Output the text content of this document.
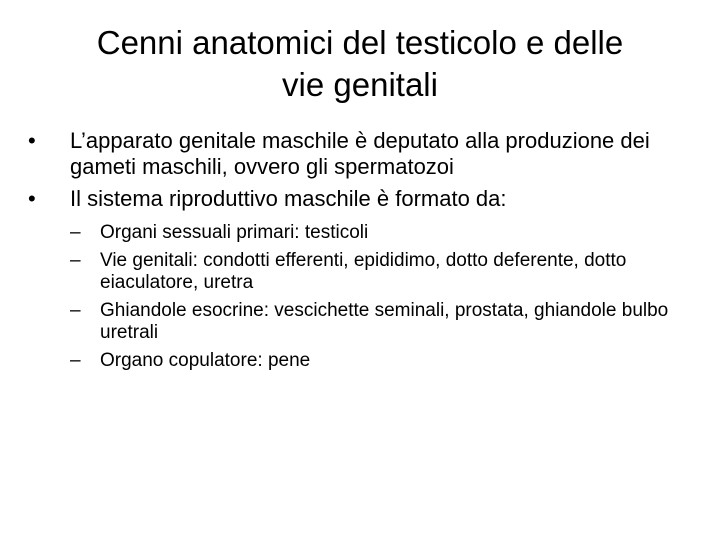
Cenni anatomici del testicolo e delle
vie genitali
•	L’apparato genitale maschile è deputato alla produzione dei gameti maschili, ovvero gli spermatozoi
•	Il sistema riproduttivo maschile è formato da:
–	Organi sessuali primari: testicoli
–	Vie genitali: condotti efferenti, epididimo, dotto deferente, dotto eiaculatore, uretra
–	Ghiandole esocrine: vescichette seminali, prostata, ghiandole bulbo uretrali
–	Organo copulatore: pene
